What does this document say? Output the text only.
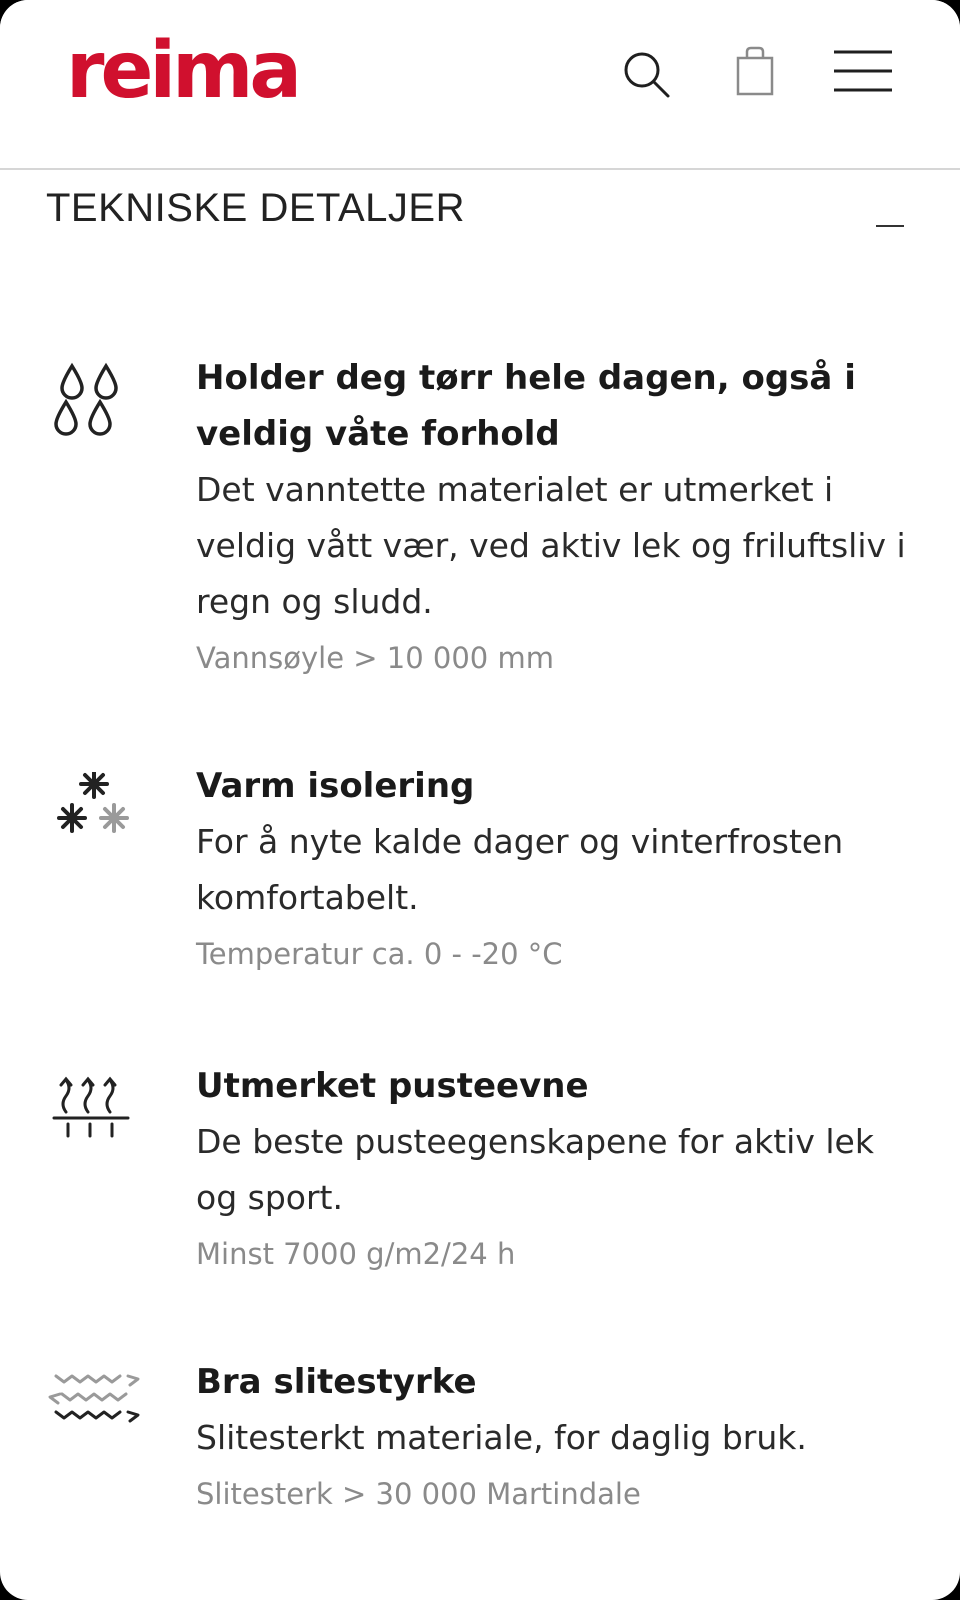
reima
TEKNISKE DETALJER

Holder deg tørr hele dagen, også i veldig våte forhold

Det vanntette materialet er utmerket i veldig vått vær, ved aktiv lek og friluftsliv i regn og sludd.

Vannsøyle > 10 000 mm

Varm isolering

For å nyte kalde dager og vinterfrosten komfortabelt.

Temperatur ca. 0 - -20 °C

Utmerket pusteevne

De beste pusteegenskapene for aktiv lek og sport.

Minst 7000 g/m2/24 h

Bra slitestyrke

Slitesterkt materiale, for daglig bruk.

Slitesterk > 30 000 Martindale
